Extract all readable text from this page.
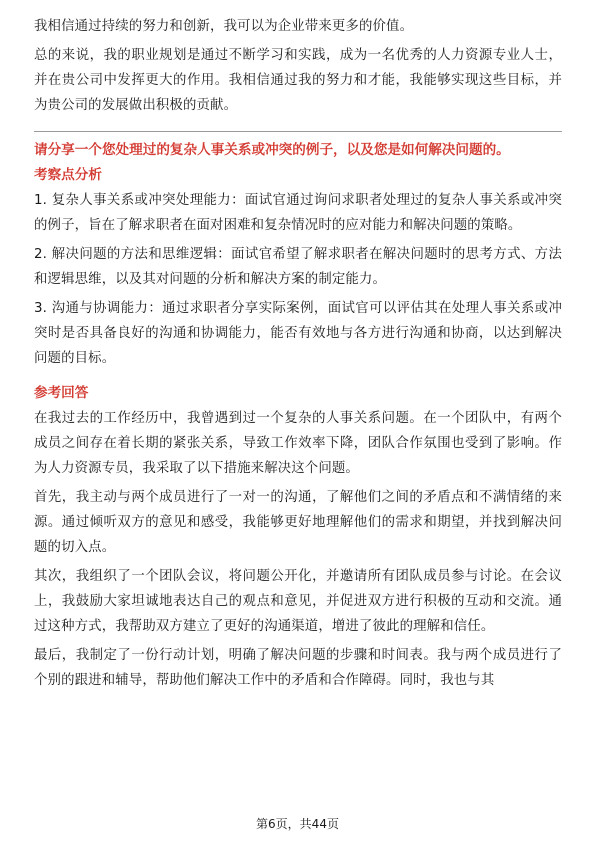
我相信通过持续的努力和创新，我可以为企业带来更多的价值。

总的来说，我的职业规划是通过不断学习和实践，成为一名优秀的人力资源专业人士，并在贵公司中发挥更大的作用。我相信通过我的努力和才能，我能够实现这些目标，并为贵公司的发展做出积极的贡献。

请分享一个您处理过的复杂人事关系或冲突的例子，以及您是如何解决问题的。
考察点分析

1. 复杂人事关系或冲突处理能力：面试官通过询问求职者处理过的复杂人事关系或冲突的例子，旨在了解求职者在面对困难和复杂情况时的应对能力和解决问题的策略。

2. 解决问题的方法和思维逻辑：面试官希望了解求职者在解决问题时的思考方式、方法和逻辑思维，以及其对问题的分析和解决方案的制定能力。

3. 沟通与协调能力：通过求职者分享实际案例，面试官可以评估其在处理人事关系或冲突时是否具备良好的沟通和协调能力，能否有效地与各方进行沟通和协商，以达到解决问题的目标。

参考回答

在我过去的工作经历中，我曾遇到过一个复杂的人事关系问题。在一个团队中，有两个成员之间存在着长期的紧张关系，导致工作效率下降，团队合作氛围也受到了影响。作为人力资源专员，我采取了以下措施来解决这个问题。

首先，我主动与两个成员进行了一对一的沟通，了解他们之间的矛盾点和不满情绪的来源。通过倾听双方的意见和感受，我能够更好地理解他们的需求和期望，并找到解决问题的切入点。

其次，我组织了一个团队会议，将问题公开化，并邀请所有团队成员参与讨论。在会议上，我鼓励大家坦诚地表达自己的观点和意见，并促进双方进行积极的互动和交流。通过这种方式，我帮助双方建立了更好的沟通渠道，增进了彼此的理解和信任。

最后，我制定了一份行动计划，明确了解决问题的步骤和时间表。我与两个成员进行了个别的跟进和辅导，帮助他们解决工作中的矛盾和合作障碍。同时，我也与其

第6页，共44页
